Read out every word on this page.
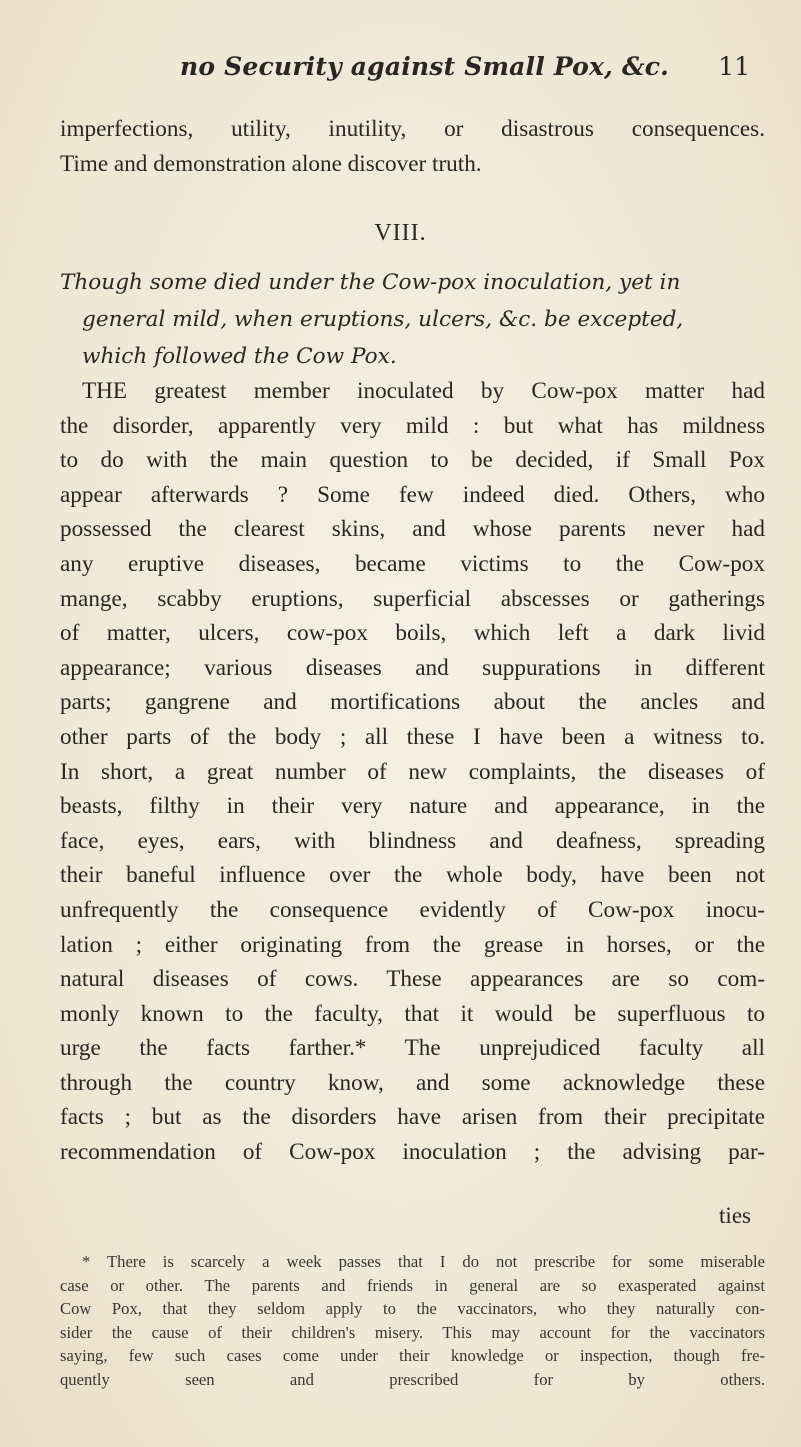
no Security against Small Pox, &c. 11
imperfections, utility, inutility, or disastrous consequences.
Time and demonstration alone discover truth.
VIII.
Though some died under the Cow-pox inoculation, yet in
general mild, when eruptions, ulcers, &c. be excepted,
which followed the Cow Pox.
THE greatest member inoculated by Cow-pox matter had
the disorder, apparently very mild : but what has mildness
to do with the main question to be decided, if Small Pox
appear afterwards ? Some few indeed died. Others, who
possessed the clearest skins, and whose parents never had
any eruptive diseases, became victims to the Cow-pox
mange, scabby eruptions, superficial abscesses or gatherings
of matter, ulcers, cow-pox boils, which left a dark livid
appearance; various diseases and suppurations in different
parts; gangrene and mortifications about the ancles and
other parts of the body ; all these I have been a witness to.
In short, a great number of new complaints, the diseases of
beasts, filthy in their very nature and appearance, in the
face, eyes, ears, with blindness and deafness, spreading
their baneful influence over the whole body, have been not
unfrequently the consequence evidently of Cow-pox inocu-
lation ; either originating from the grease in horses, or the
natural diseases of cows. These appearances are so com-
monly known to the faculty, that it would be superfluous to
urge the facts farther.* The unprejudiced faculty all
through the country know, and some acknowledge these
facts ; but as the disorders have arisen from their precipitate
recommendation of Cow-pox inoculation ; the advising par-
ties
* There is scarcely a week passes that I do not prescribe for some miserable
case or other. The parents and friends in general are so exasperated against
Cow Pox, that they seldom apply to the vaccinators, who they naturally con-
sider the cause of their children's misery. This may account for the vaccinators
saying, few such cases come under their knowledge or inspection, though fre-
quently seen and prescribed for by others.
